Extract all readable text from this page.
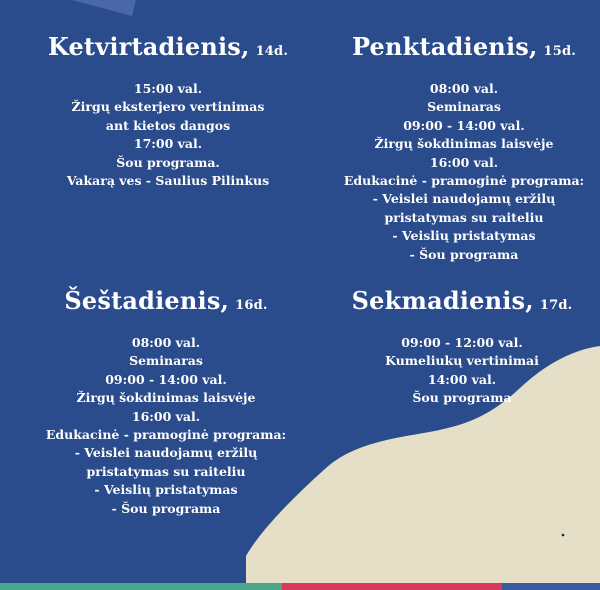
Ketvirtadienis, 14d.
15:00 val.
Žirgų eksterjero vertinimas
ant kietos dangos
17:00 val.
Šou programa.
Vakarą ves - Saulius Pilinkus
Penktadienis, 15d.
08:00 val.
Seminaras
09:00 - 14:00 val.
Žirgų šokdinimas laisvėje
16:00 val.
Edukacinė - pramoginė programa:
- Veislei naudojamų eržilų
pristatymas su raiteliu
- Veislių pristatymas
- Šou programa
Šeštadienis, 16d.
08:00 val.
Seminaras
09:00 - 14:00 val.
Žirgų šokdinimas laisvėje
16:00 val.
Edukacinė - pramoginė programa:
- Veislei naudojamų eržilų
pristatymas su raiteliu
- Veislių pristatymas
- Šou programa
Sekmadienis, 17d.
09:00 - 12:00 val.
Kumeliukų vertinimai
14:00 val.
Šou programa
